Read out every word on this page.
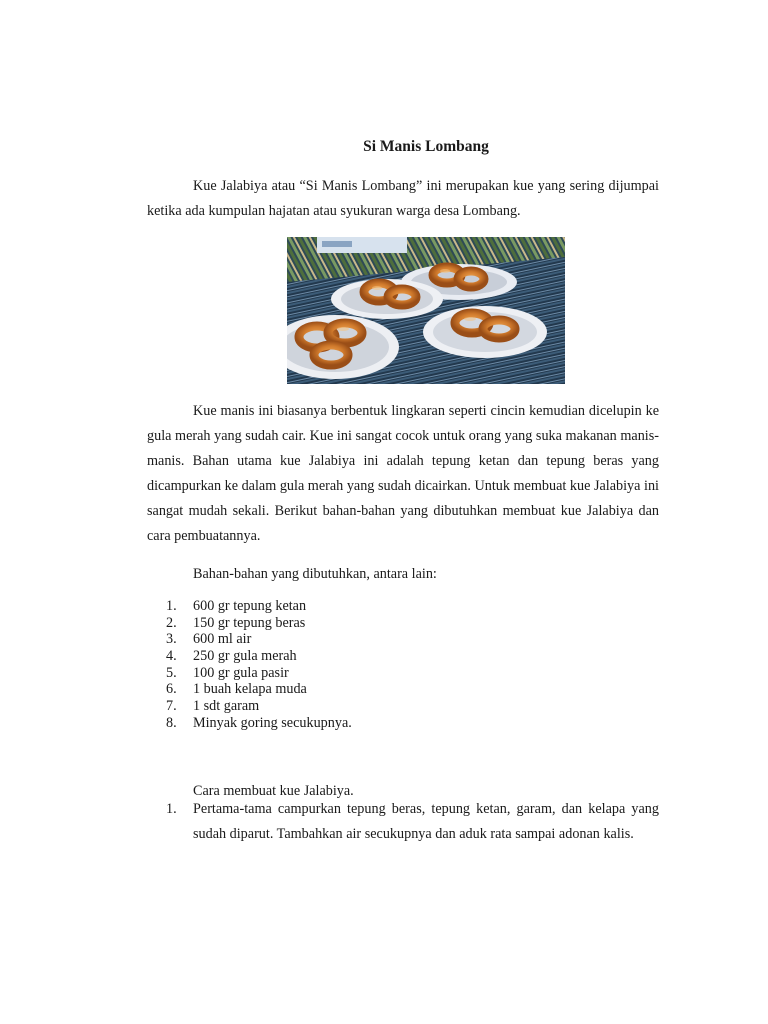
Si Manis Lombang
Kue Jalabiya atau “Si Manis Lombang” ini merupakan kue yang sering dijumpai ketika ada kumpulan hajatan atau syukuran warga desa Lombang.
Kue manis ini biasanya berbentuk lingkaran seperti cincin kemudian dicelupin ke gula merah yang sudah cair. Kue ini sangat cocok untuk orang yang suka makanan manis-manis. Bahan utama kue Jalabiya ini adalah tepung ketan dan tepung beras yang dicampurkan ke dalam gula merah yang sudah dicairkan. Untuk membuat kue Jalabiya ini sangat mudah sekali. Berikut bahan-bahan yang dibutuhkan membuat kue Jalabiya dan cara pembuatannya.
Bahan-bahan yang dibutuhkan, antara lain:
1.	600 gr tepung ketan
2.	150 gr tepung beras
3.	600 ml air
4.	250 gr gula merah
5.	100 gr gula pasir
6.	1 buah kelapa muda
7.	1 sdt garam
8.	Minyak goring secukupnya.
Cara membuat kue Jalabiya.
1. Pertama-tama campurkan tepung beras, tepung ketan, garam, dan kelapa yang sudah diparut. Tambahkan air secukupnya dan aduk rata sampai adonan kalis.
